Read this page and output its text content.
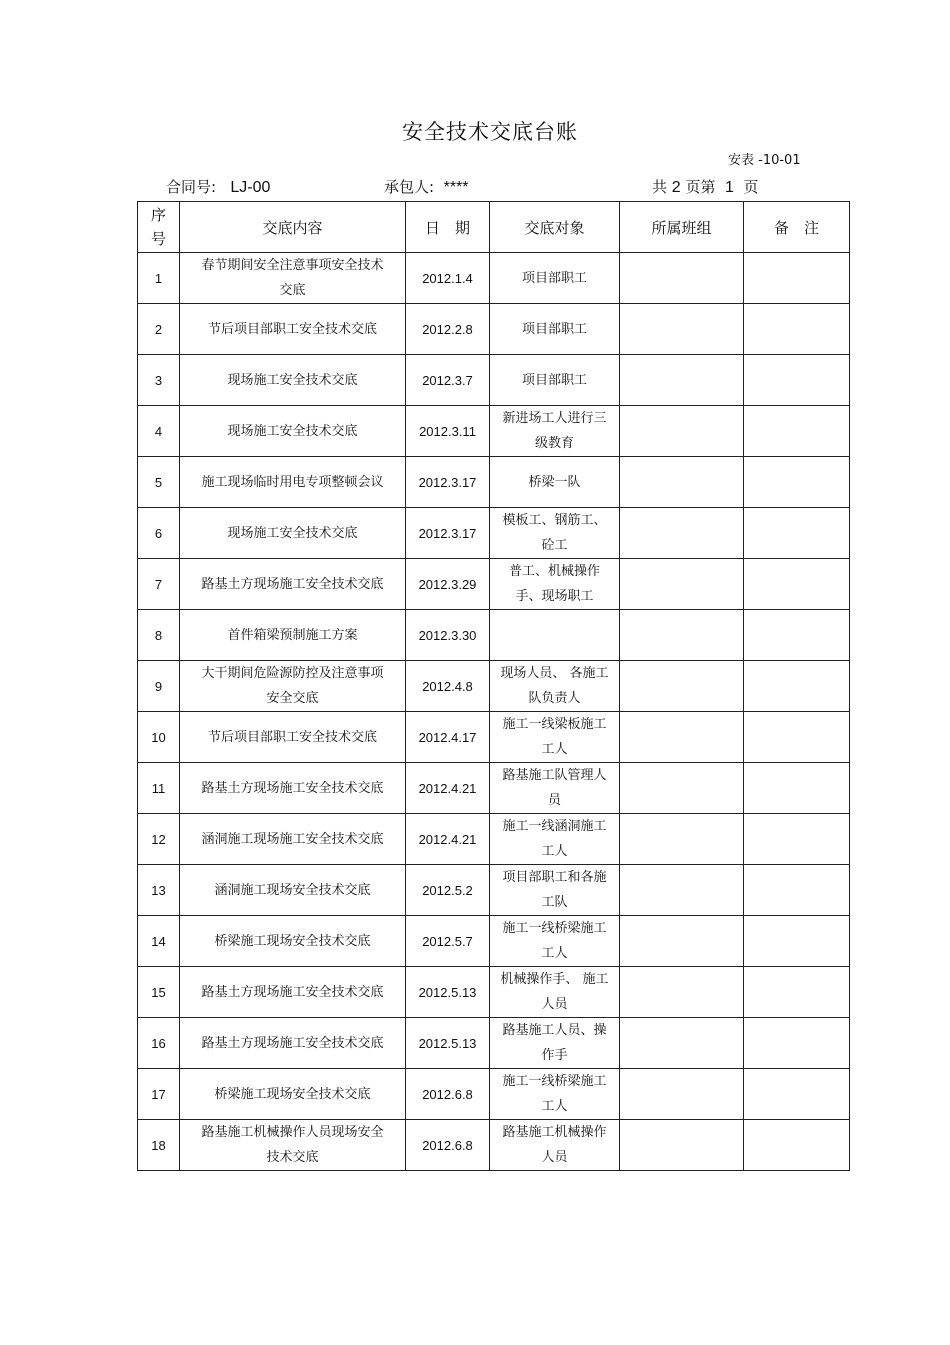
安全技术交底台账
安表 -10-01
合同号: LJ-00	承包人: ****	共 2 页第 1 页
序
号	交底内容	日　期	交底对象	所属班组	备　注
1	春节期间安全注意事项安全技术交底	2012.1.4	项目部职工		

2	节后项目部职工安全技术交底	2012.2.8	项目部职工		

3	现场施工安全技术交底	2012.3.7	项目部职工		

4	现场施工安全技术交底	2012.3.11	新进场工人进行三级教育		

5	施工现场临时用电专项整顿会议	2012.3.17	桥梁一队		

6	现场施工安全技术交底	2012.3.17	模板工、钢筋工、砼工		

7	路基土方现场施工安全技术交底	2012.3.29	普工、机械操作手、现场职工		

8	首件箱梁预制施工方案	2012.3.30	

9	大干期间危险源防控及注意事项安全交底	2012.4.8	现场人员、 各施工队负责人		

10	节后项目部职工安全技术交底	2012.4.17	施工一线梁板施工工人		

11	路基土方现场施工安全技术交底	2012.4.21	路基施工队管理人员		

12	涵洞施工现场施工安全技术交底	2012.4.21	施工一线涵洞施工工人		

13	涵洞施工现场安全技术交底	2012.5.2	项目部职工和各施工队		

14	桥梁施工现场安全技术交底	2012.5.7	施工一线桥梁施工工人		

15	路基土方现场施工安全技术交底	2012.5.13	机械操作手、 施工人员		

16	路基土方现场施工安全技术交底	2012.5.13	路基施工人员、操作手		

17	桥梁施工现场安全技术交底	2012.6.8	施工一线桥梁施工工人		

18	路基施工机械操作人员现场安全技术交底	2012.6.8	路基施工机械操作人员		
